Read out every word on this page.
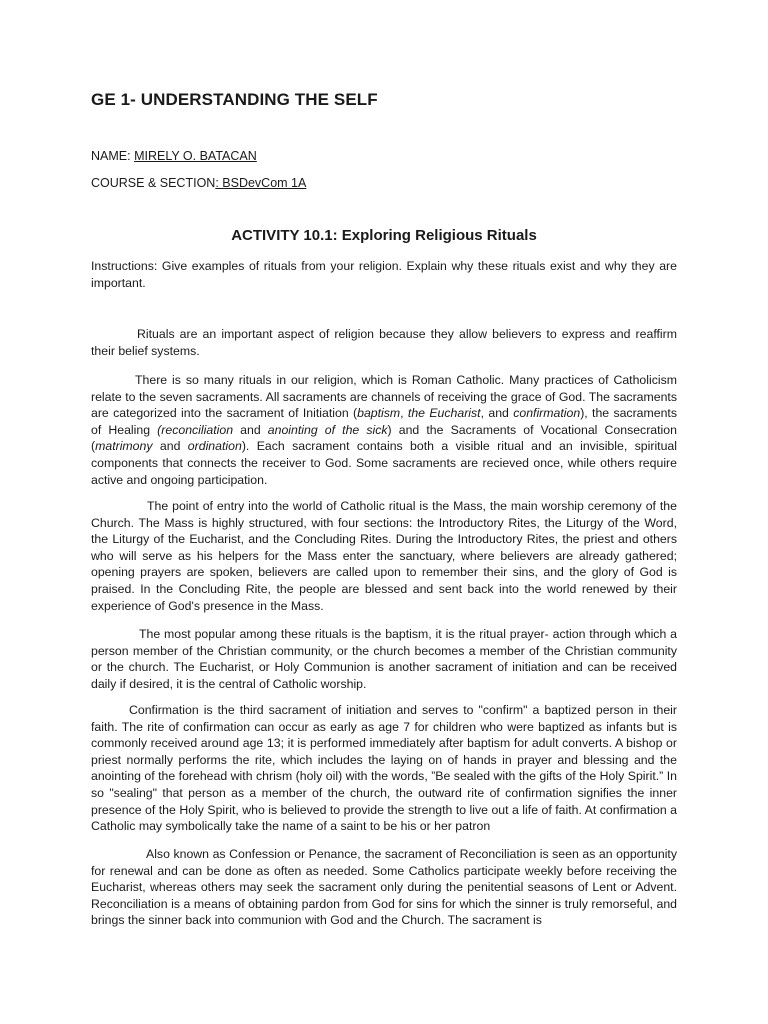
GE 1- UNDERSTANDING THE SELF
NAME: MIRELY O. BATACAN
COURSE & SECTION: BSDevCom 1A
ACTIVITY 10.1: Exploring Religious Rituals
Instructions: Give examples of rituals from your religion. Explain why these rituals exist and why they are important.
Rituals are an important aspect of religion because they allow believers to express and reaffirm their belief systems.
There is so many rituals in our religion, which is Roman Catholic. Many practices of Catholicism relate to the seven sacraments. All sacraments are channels of receiving the grace of God. The sacraments are categorized into the sacrament of Initiation (baptism, the Eucharist, and confirmation), the sacraments of Healing (reconciliation and anointing of the sick) and the Sacraments of Vocational Consecration (matrimony and ordination). Each sacrament contains both a visible ritual and an invisible, spiritual components that connects the receiver to God. Some sacraments are recieved once, while others require active and ongoing participation.
The point of entry into the world of Catholic ritual is the Mass, the main worship ceremony of the Church. The Mass is highly structured, with four sections: the Introductory Rites, the Liturgy of the Word, the Liturgy of the Eucharist, and the Concluding Rites. During the Introductory Rites, the priest and others who will serve as his helpers for the Mass enter the sanctuary, where believers are already gathered; opening prayers are spoken, believers are called upon to remember their sins, and the glory of God is praised. In the Concluding Rite, the people are blessed and sent back into the world renewed by their experience of God's presence in the Mass.
The most popular among these rituals is the baptism, it is the ritual prayer- action through which a person member of the Christian community, or the church becomes a member of the Christian community or the church. The Eucharist, or Holy Communion is another sacrament of initiation and can be received daily if desired, it is the central of Catholic worship.
Confirmation is the third sacrament of initiation and serves to "confirm" a baptized person in their faith. The rite of confirmation can occur as early as age 7 for children who were baptized as infants but is commonly received around age 13; it is performed immediately after baptism for adult converts. A bishop or priest normally performs the rite, which includes the laying on of hands in prayer and blessing and the anointing of the forehead with chrism (holy oil) with the words, ”Be sealed with the gifts of the Holy Spirit.” In so "sealing" that person as a member of the church, the outward rite of confirmation signifies the inner presence of the Holy Spirit, who is believed to provide the strength to live out a life of faith. At confirmation a Catholic may symbolically take the name of a saint to be his or her patron
Also known as Confession or Penance, the sacrament of Reconciliation is seen as an opportunity for renewal and can be done as often as needed. Some Catholics participate weekly before receiving the Eucharist, whereas others may seek the sacrament only during the penitential seasons of Lent or Advent. Reconciliation is a means of obtaining pardon from God for sins for which the sinner is truly remorseful, and brings the sinner back into communion with God and the Church. The sacrament is
